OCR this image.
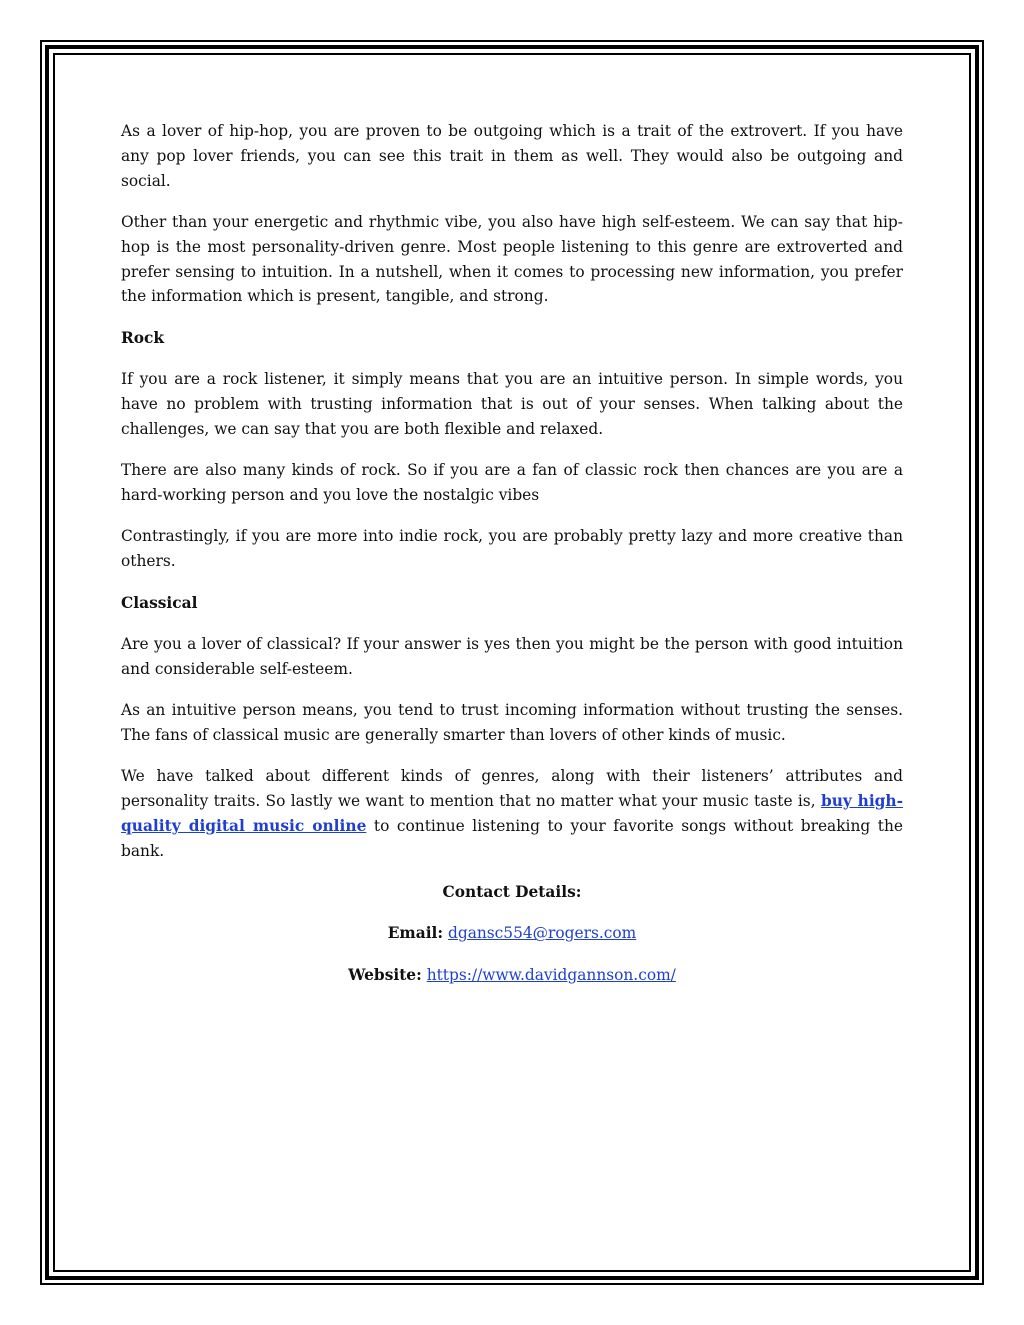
As a lover of hip-hop, you are proven to be outgoing which is a trait of the extrovert. If you have any pop lover friends, you can see this trait in them as well. They would also be outgoing and social.

Other than your energetic and rhythmic vibe, you also have high self-esteem. We can say that hip-hop is the most personality-driven genre. Most people listening to this genre are extroverted and prefer sensing to intuition. In a nutshell, when it comes to processing new information, you prefer the information which is present, tangible, and strong.

Rock

If you are a rock listener, it simply means that you are an intuitive person. In simple words, you have no problem with trusting information that is out of your senses. When talking about the challenges, we can say that you are both flexible and relaxed.

There are also many kinds of rock. So if you are a fan of classic rock then chances are you are a hard-working person and you love the nostalgic vibes

Contrastingly, if you are more into indie rock, you are probably pretty lazy and more creative than others.

Classical

Are you a lover of classical? If your answer is yes then you might be the person with good intuition and considerable self-esteem.

As an intuitive person means, you tend to trust incoming information without trusting the senses. The fans of classical music are generally smarter than lovers of other kinds of music.

We have talked about different kinds of genres, along with their listeners’ attributes and personality traits. So lastly we want to mention that no matter what your music taste is, buy high-quality digital music online to continue listening to your favorite songs without breaking the bank.

Contact Details:

Email: dgansc554@rogers.com

Website: https://www.davidgannson.com/
